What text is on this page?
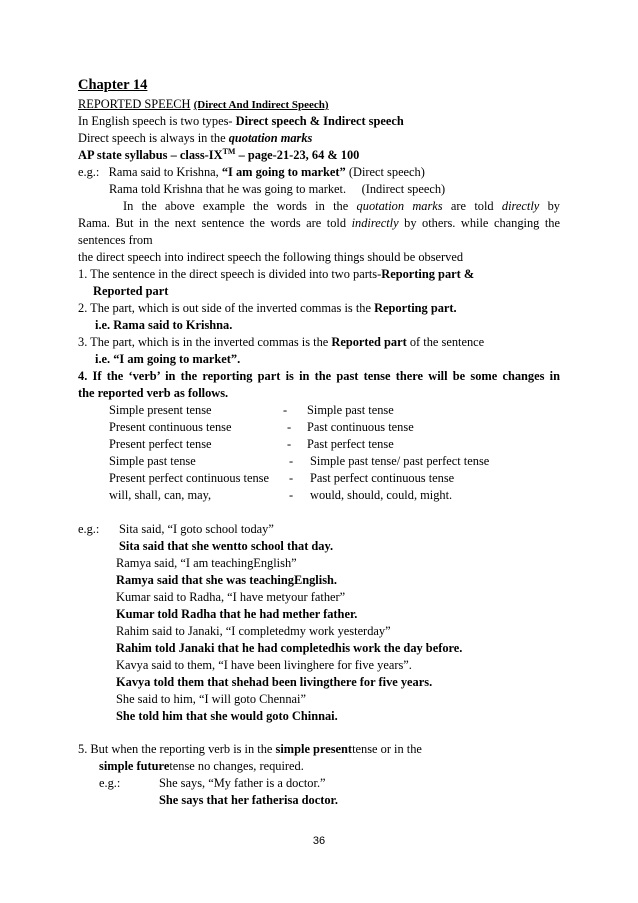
Chapter 14
REPORTED SPEECH (Direct And Indirect Speech)
In English speech is two types- Direct speech & Indirect speech
Direct speech is always in the quotation marks
AP state syllabus – class-IX™ – page-21-23, 64 & 100
e.g.: Rama said to Krishna, “I am going to market” (Direct speech)
Rama told Krishna that he was going to market. (Indirect speech)
In the above example the words in the quotation marks are told directly by
Rama. But in the next sentence the words are told indirectly by others. while changing the
sentences from
the direct speech into indirect speech the following things should be observed
1. The sentence in the direct speech is divided into two parts-Reporting part &
Reported part
2. The part, which is out side of the inverted commas is the Reporting part.
i.e. Rama said to Krishna.
3. The part, which is in the inverted commas is the Reported part of the sentence
i.e. “I am going to market”.
4. If the ‘verb’ in the reporting part is in the past tense there will be some changes in
the reported verb as follows.
Simple present tense	- Simple past tense
Present continuous tense	- Past continuous tense
Present perfect tense	- Past perfect tense
Simple past tense	- Simple past tense/ past perfect tense
Present perfect continuous tense - Past perfect continuous tense
will, shall, can, may,	- would, should, could, might.
e.g.: Sita said, “I goto school today”
Sita said that she wentto school that day.
Ramya said, “I am teachingEnglish”
Ramya said that she was teachingEnglish.
Kumar said to Radha, “I have metyour father”
Kumar told Radha that he had mether father.
Rahim said to Janaki, “I completedmy work yesterday”
Rahim told Janaki that he had completedhis work the day before.
Kavya said to them, “I have been livinghere for five years”.
Kavya told them that shehad been livingthere for five years.
She said to him, “I will goto Chennai”
She told him that she would goto Chinnai.
5. But when the reporting verb is in the simple presenttense or in the
simple futuretense no changes, required.
e.g.:	She says, “My father is a doctor.”
She says that her fatherisa doctor.
36
